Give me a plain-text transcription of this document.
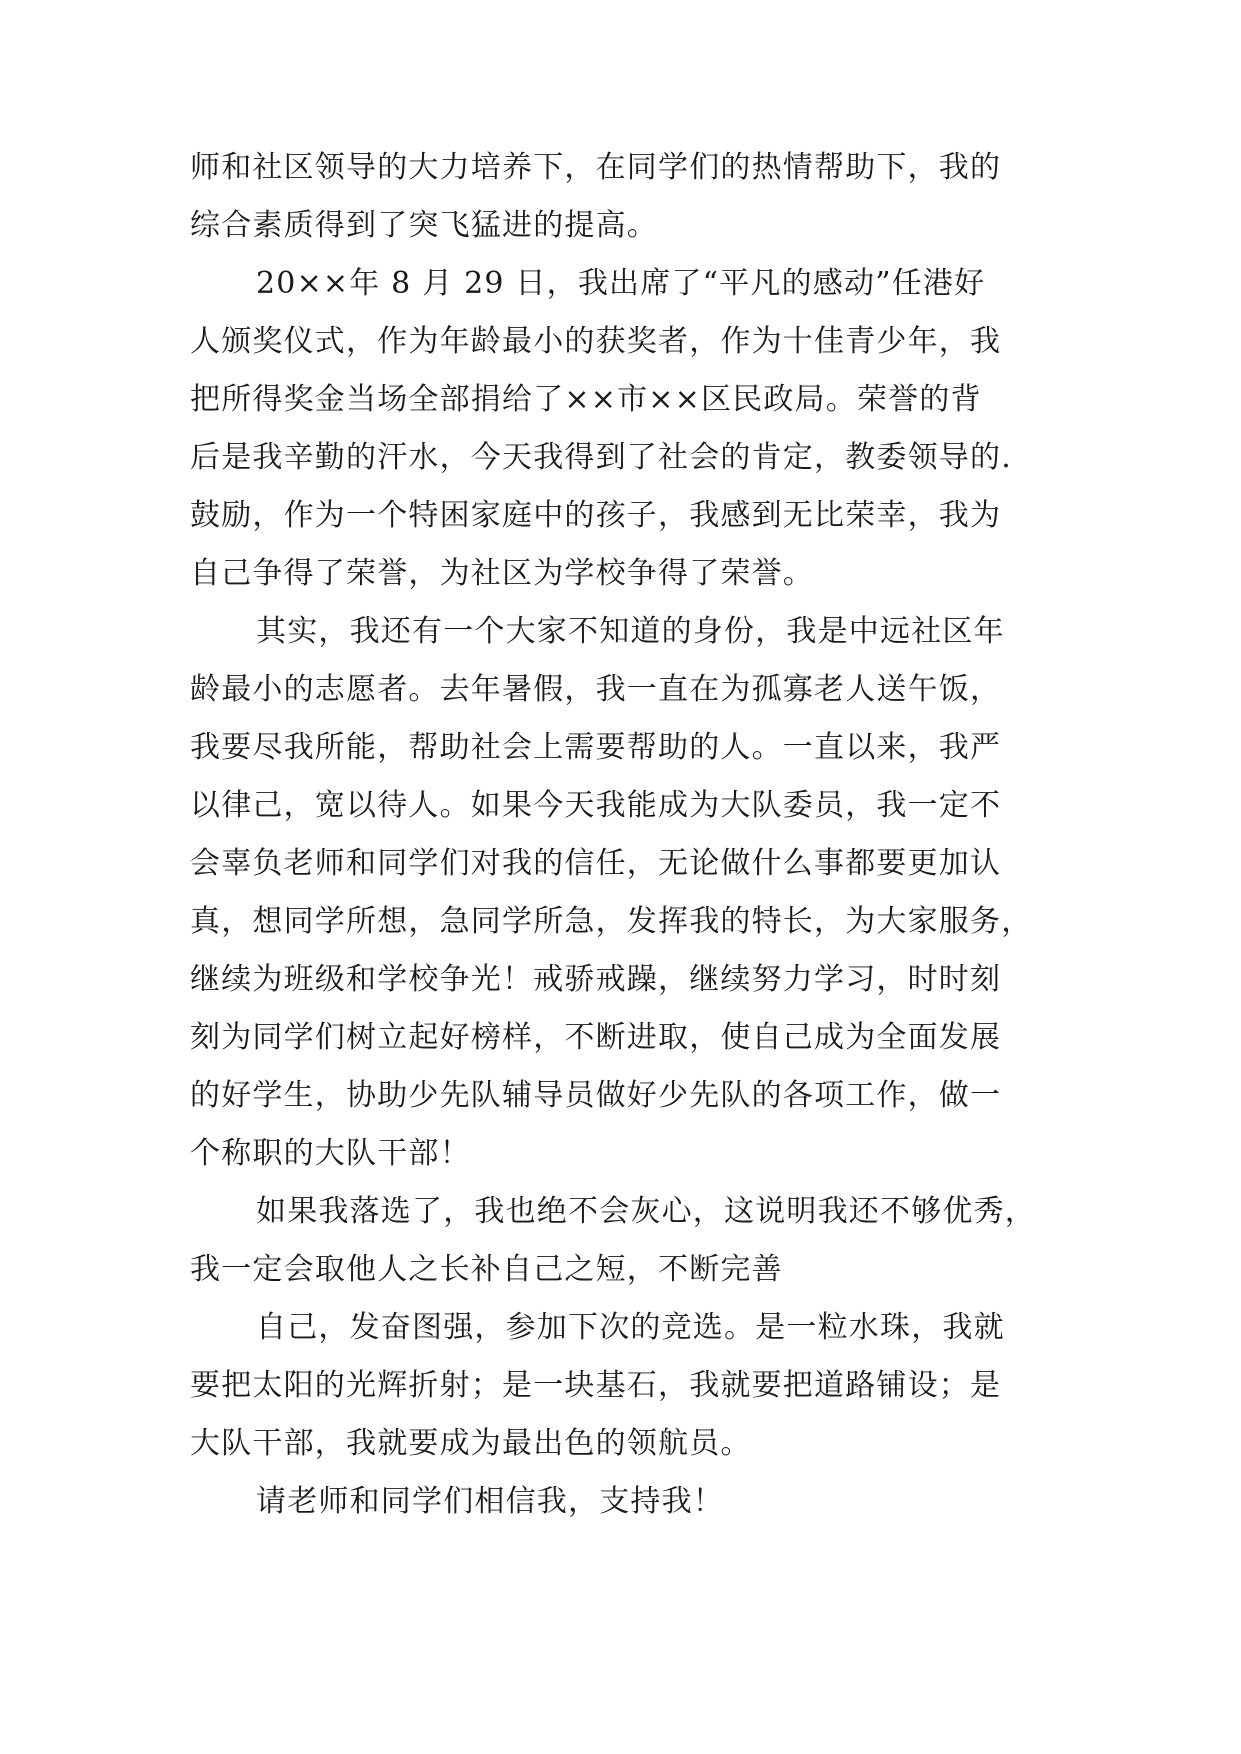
师和社区领导的大力培养下，在同学们的热情帮助下，我的
综合素质得到了突飞猛进的提高。
20××年 8 月 29 日，我出席了“平凡的感动”任港好
人颁奖仪式，作为年龄最小的获奖者，作为十佳青少年，我
把所得奖金当场全部捐给了××市××区民政局。荣誉的背
后是我辛勤的汗水，今天我得到了社会的肯定，教委领导的.
鼓励，作为一个特困家庭中的孩子，我感到无比荣幸，我为
自己争得了荣誉，为社区为学校争得了荣誉。
其实，我还有一个大家不知道的身份，我是中远社区年
龄最小的志愿者。去年暑假，我一直在为孤寡老人送午饭，
我要尽我所能，帮助社会上需要帮助的人。一直以来，我严
以律己，宽以待人。如果今天我能成为大队委员，我一定不
会辜负老师和同学们对我的信任，无论做什么事都要更加认
真，想同学所想，急同学所急，发挥我的特长，为大家服务，
继续为班级和学校争光！戒骄戒躁，继续努力学习，时时刻
刻为同学们树立起好榜样，不断进取，使自己成为全面发展
的好学生，协助少先队辅导员做好少先队的各项工作，做一
个称职的大队干部！
如果我落选了，我也绝不会灰心，这说明我还不够优秀，
我一定会取他人之长补自己之短，不断完善
自己，发奋图强，参加下次的竞选。是一粒水珠，我就
要把太阳的光辉折射；是一块基石，我就要把道路铺设；是
大队干部，我就要成为最出色的领航员。
请老师和同学们相信我，支持我！
